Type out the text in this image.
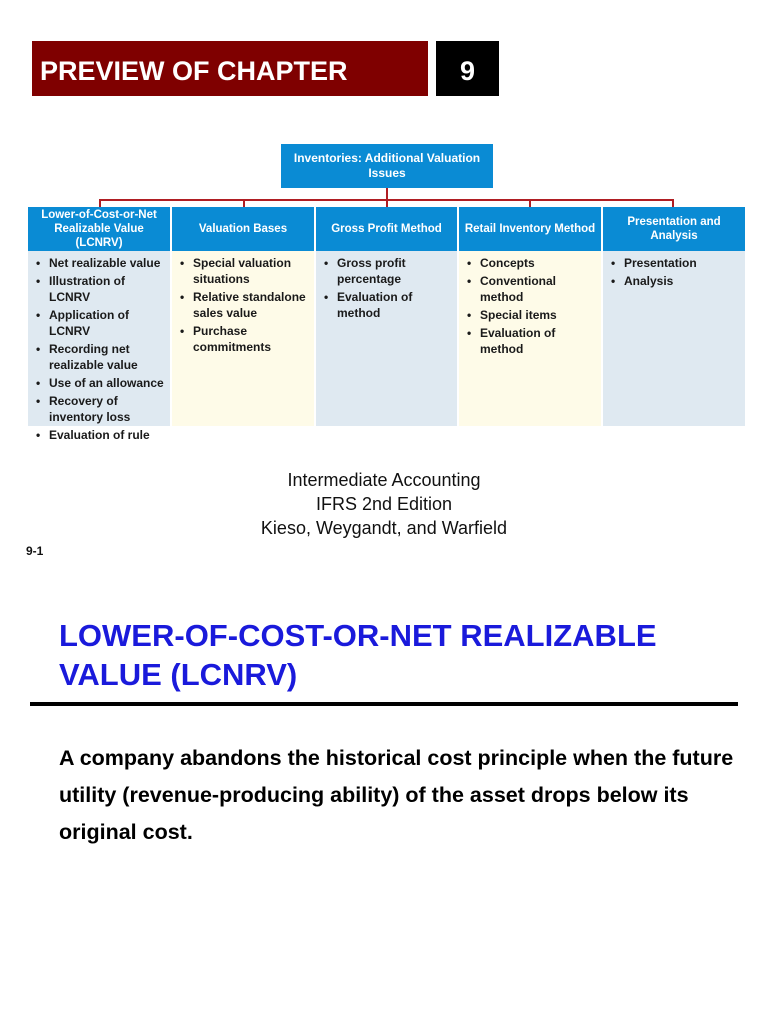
PREVIEW OF CHAPTER	9
Inventories: Additional Valuation Issues
Lower-of-Cost-or-Net Realizable Value (LCNRV)
Valuation Bases	Gross Profit Method	Retail Inventory Method
Presentation and Analysis
• Net realizable value
• Illustration of LCNRV
• Application of LCNRV
• Recording net realizable value
• Use of an allowance
• Recovery of inventory loss
• Evaluation of rule
• Special valuation situations
• Relative standalone sales value
• Purchase commitments
• Gross profit percentage
• Evaluation of method
• Concepts
• Conventional method
• Special items
• Evaluation of method
• Presentation
• Analysis
Intermediate Accounting
IFRS 2nd Edition
Kieso, Weygandt, and Warfield
9-1
LOWER-OF-COST-OR-NET REALIZABLE VALUE (LCNRV)
A company abandons the historical cost principle when the future utility (revenue-producing ability) of the asset drops below its original cost.
